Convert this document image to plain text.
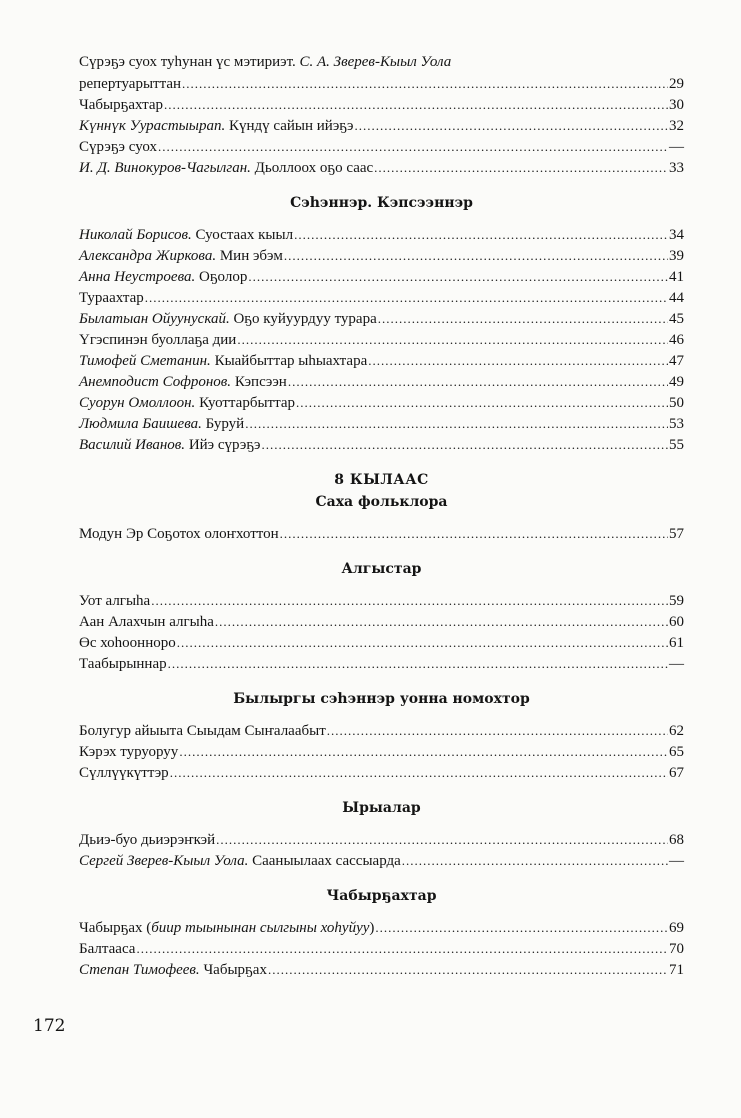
Сүрэҕэ суох туһунан үс мэтириэт. С. А. Зверев-Кыыл Уола
репертуарыттан .....	29
Чабырҕахтар .....	30
Күннүк Уурастыырап. Күндү сайын ийэҕэ .....	32
Сүрэҕэ суох .....	—
И. Д. Винокуров-Чагылган. Дьоллоох оҕо саас .....	33
Сэһэннэр. Кэпсээннэр
Николай Борисов. Суостаах кыыл .....	34
Александра Жиркова. Мин эбэм .....	39
Анна Неустроева. Оҕолор .....	41
Тураахтар .....	44
Былатыан Ойуунускай. Оҕо куйуурдуу турара .....	45
Үгэспинэн буоллаҕа дии .....	46
Тимофей Сметанин. Кыайбыттар ыһыахтара .....	47
Анемподист Софронов. Кэпсээн .....	49
Суорун Омоллоон. Куоттарбыттар .....	50
Людмила Баишева. Буруй .....	53
Василий Иванов. Ийэ сүрэҕэ .....	55
8 КЫЛААС
Саха фольклора
Модун Эр Соҕотох олоҥхоттон .....	57
Алгыстар
Уот алгыһа .....	59
Аан Алахчын алгыһа .....	60
Өс хоһоонноро .....	61
Таабырыннар .....	—
Былыргы сэһэннэр уонна номохтор
Болугур айыыта Сыыдам Сыҥалаабыт .....	62
Кэрэх туруоруу .....	65
Сүллүүкүттэр .....	67
Ырыалар
Дьиэ-буо дьиэрэҥкэй .....	68
Сергей Зверев-Кыыл Уола. Сааныылаах сассыарда .....	—
Чабырҕахтар
Чабырҕах (биир тыынынан сылгыны хоһуйуу) .....	69
Балтааса .....	70
Степан Тимофеев. Чабырҕах .....	71
172
